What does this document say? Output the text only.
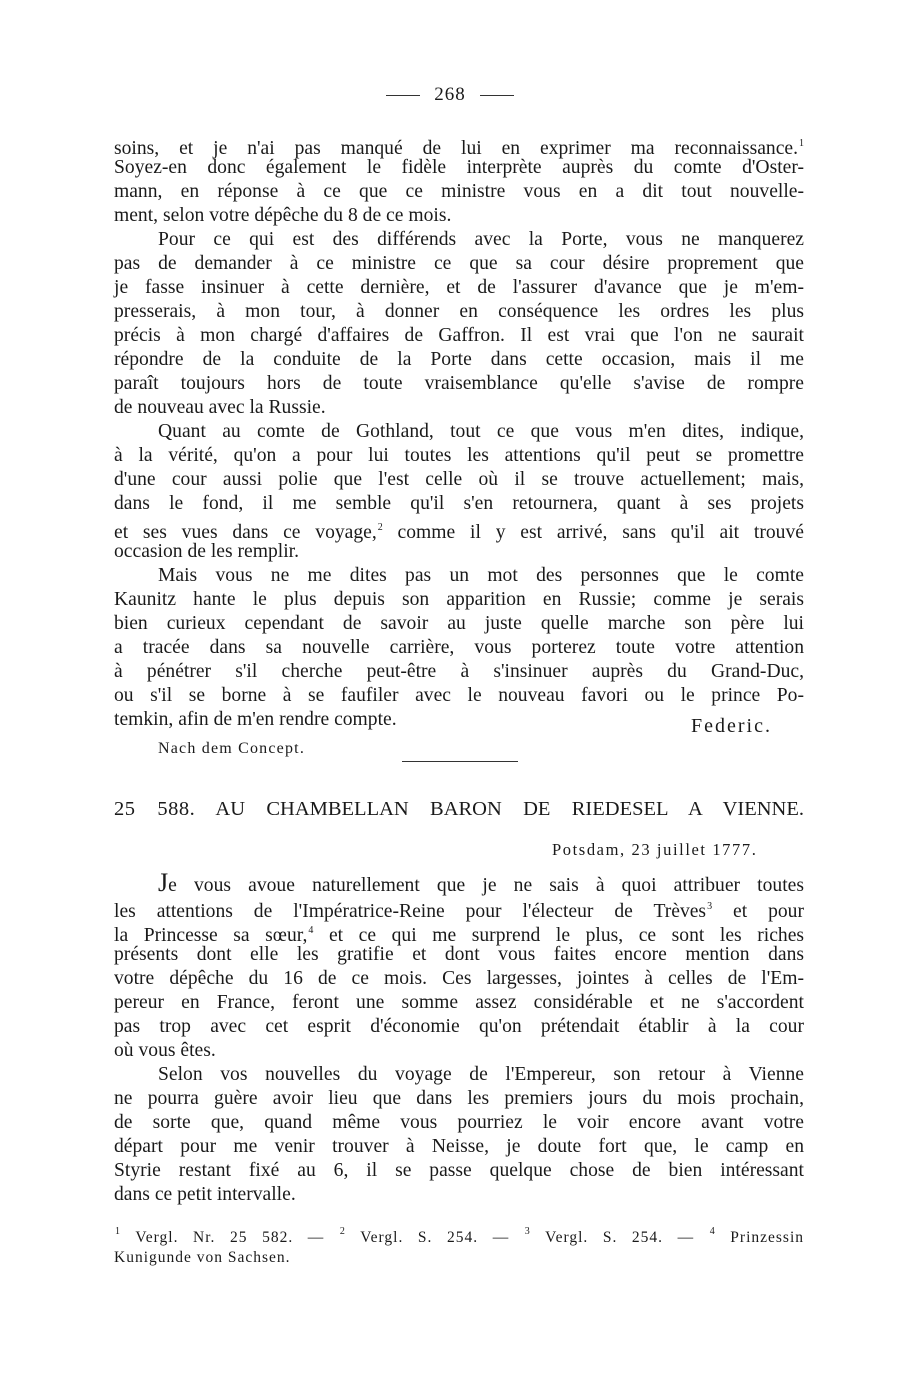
268
soins, et je n'ai pas manqué de lui en exprimer ma reconnaissance.$^1$
Soyez-en donc également le fidèle interprète auprès du comte d'Oster-
mann, en réponse à ce que ce ministre vous en a dit tout nouvelle-
ment, selon votre dépêche du 8 de ce mois.
Pour ce qui est des différends avec la Porte, vous ne manquerez
pas de demander à ce ministre ce que sa cour désire proprement que
je fasse insinuer à cette dernière, et de l'assurer d'avance que je m'em-
presserais, à mon tour, à donner en conséquence les ordres les plus
précis à mon chargé d'affaires de Gaffron. Il est vrai que l'on ne saurait
répondre de la conduite de la Porte dans cette occasion, mais il me
paraît toujours hors de toute vraisemblance qu'elle s'avise de rompre
de nouveau avec la Russie.
Quant au comte de Gothland, tout ce que vous m'en dites, indique,
à la vérité, qu'on a pour lui toutes les attentions qu'il peut se promettre
d'une cour aussi polie que l'est celle où il se trouve actuellement; mais,
dans le fond, il me semble qu'il s'en retournera, quant à ses projets
et ses vues dans ce voyage,$^2$ comme il y est arrivé, sans qu'il ait trouvé
occasion de les remplir.
Mais vous ne me dites pas un mot des personnes que le comte
Kaunitz hante le plus depuis son apparition en Russie; comme je serais
bien curieux cependant de savoir au juste quelle marche son père lui
a tracée dans sa nouvelle carrière, vous porterez toute votre attention
à pénétrer s'il cherche peut-être à s'insinuer auprès du Grand-Duc,
ou s'il se borne à se faufiler avec le nouveau favori ou le prince Po-
temkin, afin de m'en rendre compte.	Federic.
Nach dem Concept.
25 588. AU CHAMBELLAN BARON DE RIEDESEL A VIENNE.
Potsdam, 23 juillet 1777.
Je vous avoue naturellement que je ne sais à quoi attribuer toutes
les attentions de l'Impératrice-Reine pour l'électeur de Trèves$^3$ et pour
la Princesse sa sœur,$^4$ et ce qui me surprend le plus, ce sont les riches
présents dont elle les gratifie et dont vous faites encore mention dans
votre dépêche du 16 de ce mois. Ces largesses, jointes à celles de l'Em-
pereur en France, feront une somme assez considérable et ne s'accordent
pas trop avec cet esprit d'économie qu'on prétendait établir à la cour
où vous êtes.
Selon vos nouvelles du voyage de l'Empereur, son retour à Vienne
ne pourra guère avoir lieu que dans les premiers jours du mois prochain,
de sorte que, quand même vous pourriez le voir encore avant votre
départ pour me venir trouver à Neisse, je doute fort que, le camp en
Styrie restant fixé au 6, il se passe quelque chose de bien intéressant
dans ce petit intervalle.
$^1$ Vergl. Nr. 25 582. — $^2$ Vergl. S. 254. — $^3$ Vergl. S. 254. — $^4$ Prinzessin
Kunigunde von Sachsen.
